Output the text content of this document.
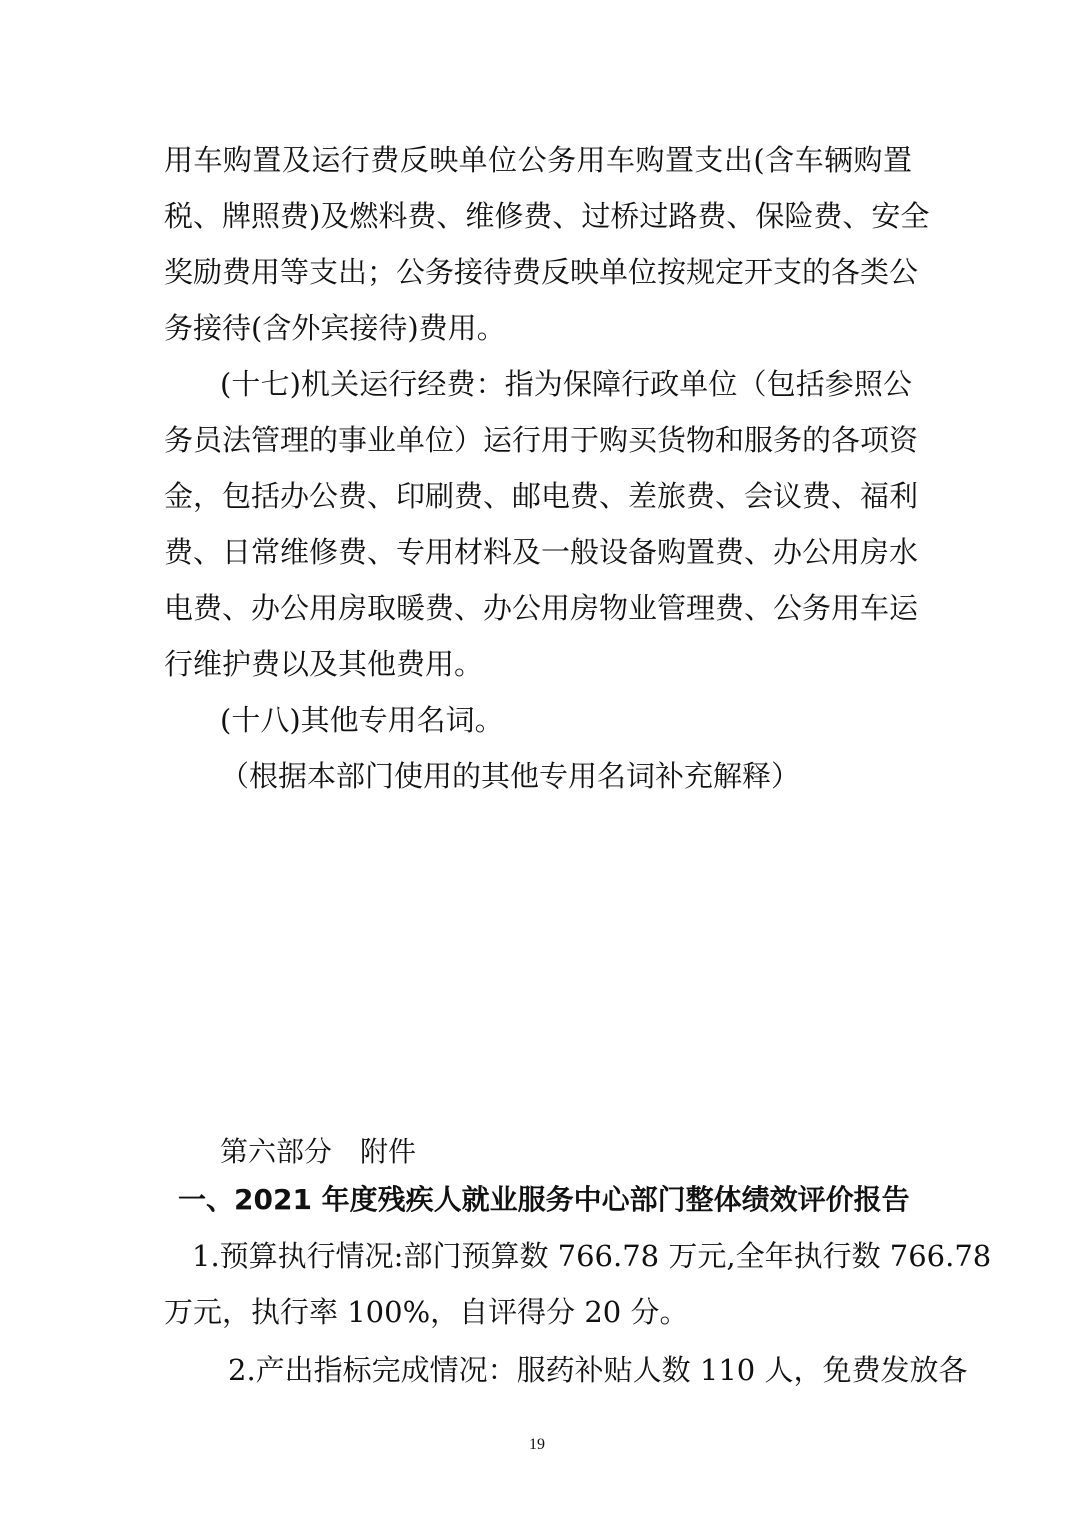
用车购置及运行费反映单位公务用车购置支出(含车辆购置
税、牌照费)及燃料费、维修费、过桥过路费、保险费、安全
奖励费用等支出；公务接待费反映单位按规定开支的各类公
务接待(含外宾接待)费用。
(十七)机关运行经费：指为保障行政单位（包括参照公
务员法管理的事业单位）运行用于购买货物和服务的各项资
金，包括办公费、印刷费、邮电费、差旅费、会议费、福利
费、日常维修费、专用材料及一般设备购置费、办公用房水
电费、办公用房取暖费、办公用房物业管理费、公务用车运
行维护费以及其他费用。
(十八)其他专用名词。
（根据本部门使用的其他专用名词补充解释）
第六部分　附件
一、2021 年度残疾人就业服务中心部门整体绩效评价报告
1.预算执行情况:部门预算数 766.78 万元,全年执行数 766.78
万元，执行率 100%，自评得分 20 分。
2.产出指标完成情况：服药补贴人数 110 人，免费发放各
19
